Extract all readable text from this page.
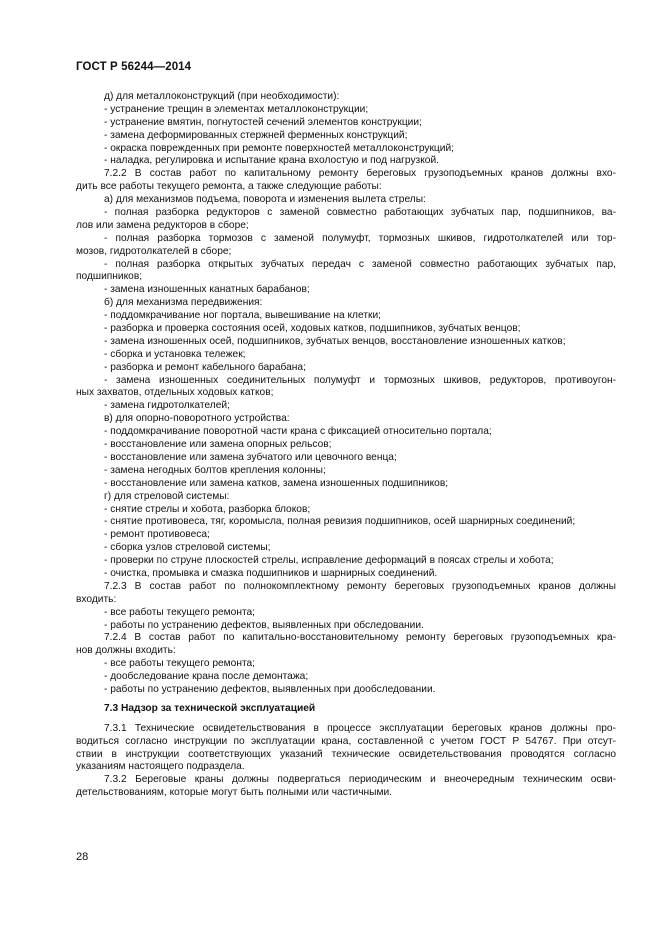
ГОСТ Р 56244—2014
д) для металлоконструкций (при необходимости):
- устранение трещин в элементах металлоконструкции;
- устранение вмятин, погнутостей сечений элементов конструкции;
- замена деформированных стержней ферменных конструкций;
- окраска поврежденных при ремонте поверхностей металлоконструкций;
- наладка, регулировка и испытание крана вхолостую и под нагрузкой.
7.2.2 В состав работ по капитальному ремонту береговых грузоподъемных кранов должны вхо-
дить все работы текущего ремонта, а также следующие работы:
а) для механизмов подъема, поворота и изменения вылета стрелы:
- полная разборка редукторов с заменой совместно работающих зубчатых пар, подшипников, ва-
лов или замена редукторов в сборе;
- полная разборка тормозов с заменой полумуфт, тормозных шкивов, гидротолкателей или тор-
мозов, гидротолкателей в сборе;
- полная разборка открытых зубчатых передач с заменой совместно работающих зубчатых пар,
подшипников;
- замена изношенных канатных барабанов;
б) для механизма передвижения:
- поддомкрачивание ног портала, вывешивание на клетки;
- разборка и проверка состояния осей, ходовых катков, подшипников, зубчатых венцов;
- замена изношенных осей, подшипников, зубчатых венцов, восстановление изношенных катков;
- сборка и установка тележек;
- разборка и ремонт кабельного барабана;
- замена изношенных соединительных полумуфт и тормозных шкивов, редукторов, противоугон-
ных захватов, отдельных ходовых катков;
- замена гидротолкателей;
в) для опорно-поворотного устройства:
- поддомкрачивание поворотной части крана с фиксацией относительно портала;
- восстановление или замена опорных рельсов;
- восстановление или замена зубчатого или цевочного венца;
- замена негодных болтов крепления колонны;
- восстановление или замена катков, замена изношенных подшипников;
г) для стреловой системы:
- снятие стрелы и хобота, разборка блоков;
- снятие противовеса, тяг, коромысла, полная ревизия подшипников, осей шарнирных соединений;
- ремонт противовеса;
- сборка узлов стреловой системы;
- проверки по струне плоскостей стрелы, исправление деформаций в поясах стрелы и хобота;
- очистка, промывка и смазка подшипников и шарнирных соединений.
7.2.3 В состав работ по полнокомплектному ремонту береговых грузоподъемных кранов должны
входить:
- все работы текущего ремонта;
- работы по устранению дефектов, выявленных при обследовании.
7.2.4 В состав работ по капитально-восстановительному ремонту береговых грузоподъемных кра-
нов должны входить:
- все работы текущего ремонта;
- дообследование крана после демонтажа;
- работы по устранению дефектов, выявленных при дообследовании.
7.3 Надзор за технической эксплуатацией
7.3.1 Технические освидетельствования в процессе эксплуатации береговых кранов должны про-
водиться согласно инструкции по эксплуатации крана, составленной с учетом ГОСТ Р 54767. При отсут-
ствии в инструкции соответствующих указаний технические освидетельствования проводятся согласно
указаниям настоящего подраздела.
7.3.2 Береговые краны должны подвергаться периодическим и внеочередным техническим осви-
детельствованиям, которые могут быть полными или частичными.
28
